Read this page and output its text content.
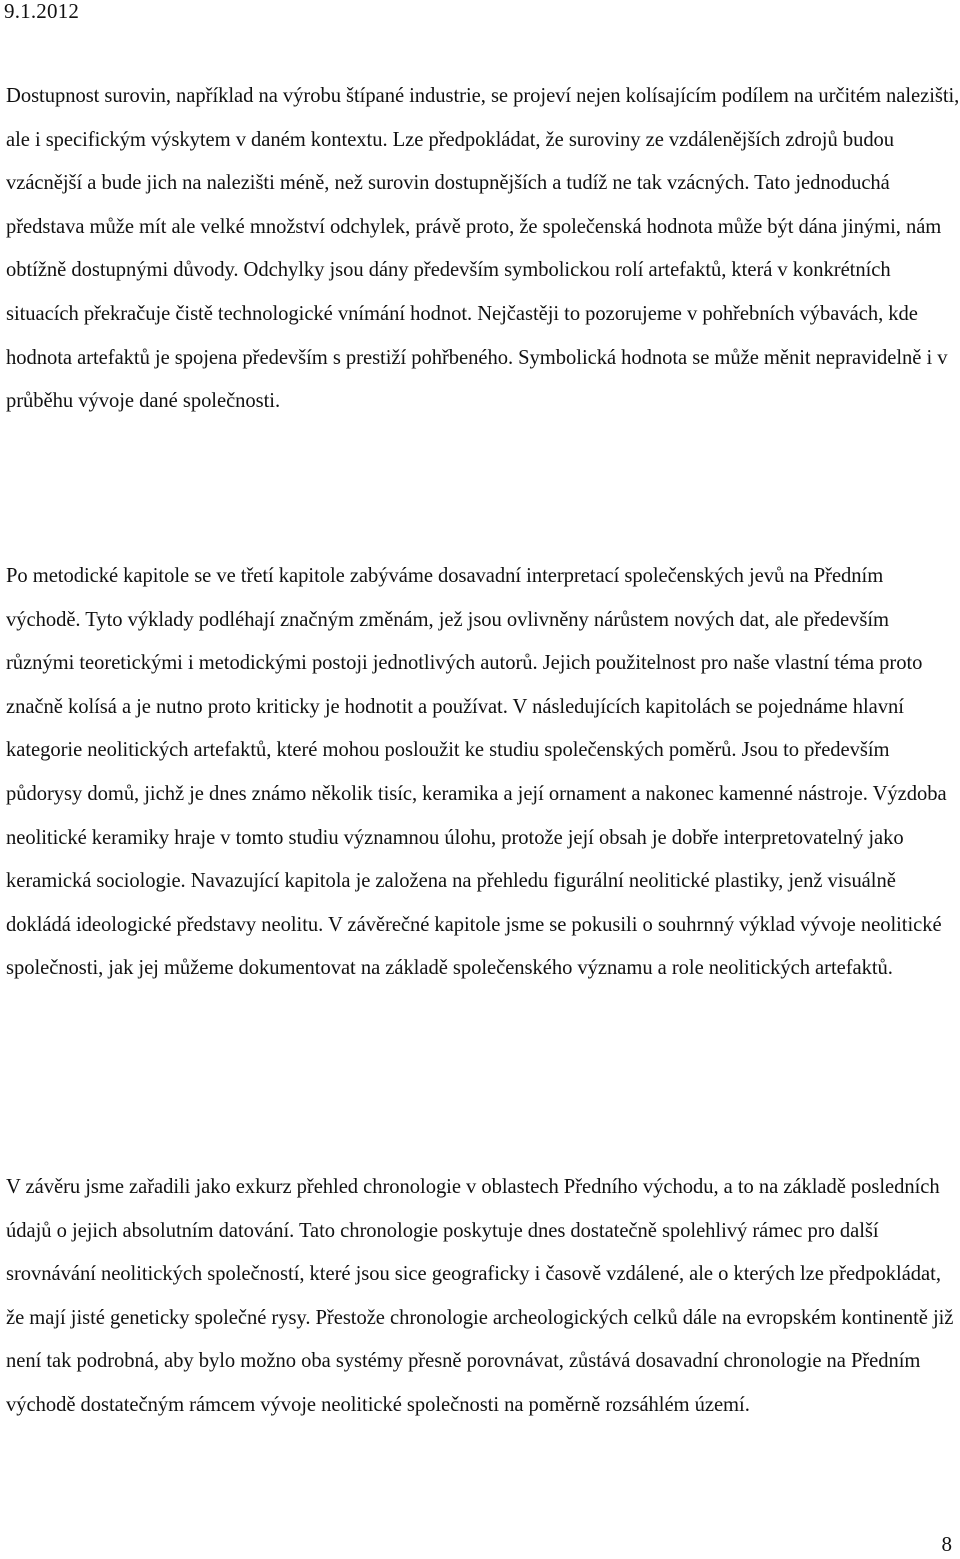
9.1.2012

Dostupnost surovin, například na výrobu štípané industrie, se projeví nejen kolísajícím podílem na určitém nalezišti, ale i specifickým výskytem v daném kontextu. Lze předpokládat, že suroviny ze vzdálenějších zdrojů budou vzácnější a bude jich na nalezišti méně, než surovin dostupnějších a tudíž ne tak vzácných. Tato jednoduchá představa může mít ale velké množství odchylek, právě proto, že společenská hodnota může být dána jinými, nám obtížně dostupnými důvody. Odchylky jsou dány především symbolickou rolí artefaktů, která v konkrétních situacích překračuje čistě technologické vnímání hodnot. Nejčastěji to pozorujeme v pohřebních výbavách, kde hodnota artefaktů je spojena především s prestiží pohřbeného. Symbolická hodnota se může měnit nepravidelně i v průběhu vývoje dané společnosti.

Po metodické kapitole se ve třetí kapitole zabýváme dosavadní interpretací společenských jevů na Předním východě. Tyto výklady podléhají značným změnám, jež jsou ovlivněny nárůstem nových dat, ale především různými teoretickými i metodickými postoji jednotlivých autorů. Jejich použitelnost pro naše vlastní téma proto značně kolísá a je nutno proto kriticky je hodnotit a používat. V následujících kapitolách se pojednáme hlavní kategorie neolitických artefaktů, které mohou posloužit ke studiu společenských poměrů. Jsou to především půdorysy domů, jichž je dnes známo několik tisíc, keramika a její ornament a nakonec kamenné nástroje. Výzdoba neolitické keramiky hraje v tomto studiu významnou úlohu, protože její obsah je dobře interpretovatelný jako keramická sociologie. Navazující kapitola je založena na přehledu figurální neolitické plastiky, jenž visuálně dokládá ideologické představy neolitu. V závěrečné kapitole jsme se pokusili o souhrnný výklad vývoje neolitické společnosti, jak jej můžeme dokumentovat na základě společenského významu a role neolitických artefaktů.

V závěru jsme zařadili jako exkurz přehled chronologie v oblastech Předního východu, a to na základě posledních údajů o jejich absolutním datování. Tato chronologie poskytuje dnes dostatečně spolehlivý rámec pro další srovnávání neolitických společností, které jsou sice geograficky i časově vzdálené, ale o kterých lze předpokládat, že mají jisté geneticky společné rysy. Přestože chronologie archeologických celků dále na evropském kontinentě již není tak podrobná, aby bylo možno oba systémy přesně porovnávat, zůstává dosavadní chronologie na Předním východě dostatečným rámcem vývoje neolitické společnosti na poměrně rozsáhlém území.

8
